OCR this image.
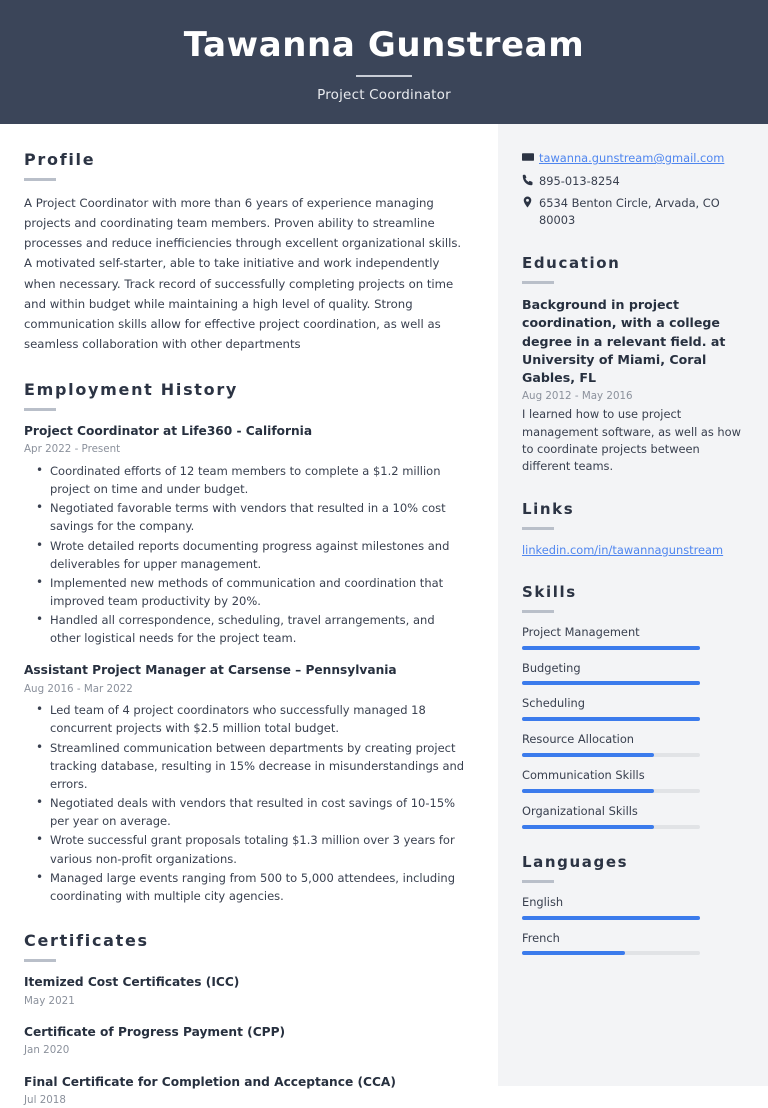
Tawanna Gunstream
Project Coordinator
Profile
A Project Coordinator with more than 6 years of experience managing projects and coordinating team members. Proven ability to streamline processes and reduce inefficiencies through excellent organizational skills. A motivated self-starter, able to take initiative and work independently when necessary. Track record of successfully completing projects on time and within budget while maintaining a high level of quality. Strong communication skills allow for effective project coordination, as well as seamless collaboration with other departments
Employment History
Project Coordinator at Life360 - California
Apr 2022 - Present
• Coordinated efforts of 12 team members to complete a $1.2 million project on time and under budget.
• Negotiated favorable terms with vendors that resulted in a 10% cost savings for the company.
• Wrote detailed reports documenting progress against milestones and deliverables for upper management.
• Implemented new methods of communication and coordination that improved team productivity by 20%.
• Handled all correspondence, scheduling, travel arrangements, and other logistical needs for the project team.
Assistant Project Manager at Carsense – Pennsylvania
Aug 2016 - Mar 2022
• Led team of 4 project coordinators who successfully managed 18 concurrent projects with $2.5 million total budget.
• Streamlined communication between departments by creating project tracking database, resulting in 15% decrease in misunderstandings and errors.
• Negotiated deals with vendors that resulted in cost savings of 10-15% per year on average.
• Wrote successful grant proposals totaling $1.3 million over 3 years for various non-profit organizations.
• Managed large events ranging from 500 to 5,000 attendees, including coordinating with multiple city agencies.
Certificates
Itemized Cost Certificates (ICC)
May 2021
Certificate of Progress Payment (CPP)
Jan 2020
Final Certificate for Completion and Acceptance (CCA)
Jul 2018
tawanna.gunstream@gmail.com
895-013-8254
6534 Benton Circle, Arvada, CO 80003
Education
Background in project coordination, with a college degree in a relevant field. at University of Miami, Coral Gables, FL
Aug 2012 - May 2016
I learned how to use project management software, as well as how to coordinate projects between different teams.
Links
linkedin.com/in/tawannagunstream
Skills
Project Management
Budgeting
Scheduling
Resource Allocation
Communication Skills
Organizational Skills
Languages
English
French
